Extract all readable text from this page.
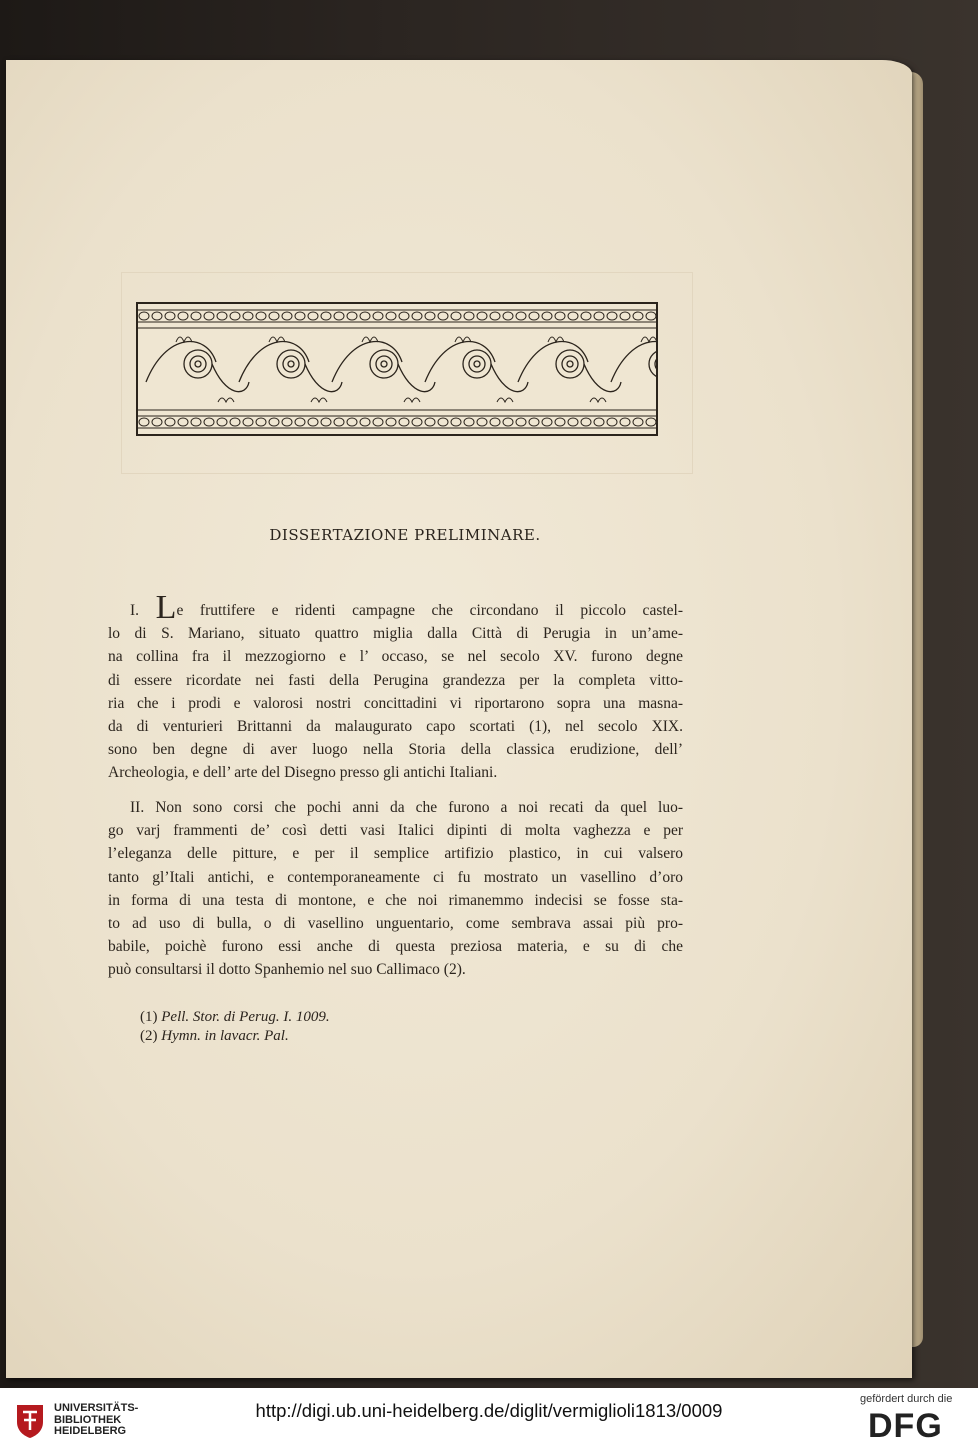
DISSERTAZIONE PRELIMINARE.
I. Le fruttifere e ridenti campagne che circondano il piccolo castel-
lo di S. Mariano, situato quattro miglia dalla Città di Perugia in un’ame-
na collina fra il mezzogiorno e l’ occaso, se nel secolo XV. furono degne
di essere ricordate nei fasti della Perugina grandezza per la completa vitto-
ria che i prodi e valorosi nostri concittadini vi riportarono sopra una masna-
da di venturieri Brittanni da malaugurato capo scortati (1), nel secolo XIX.
sono ben degne di aver luogo nella Storia della classica erudizione, dell’
Archeologia, e dell’ arte del Disegno presso gli antichi Italiani.
II. Non sono corsi che pochi anni da che furono a noi recati da quel luo-
go varj frammenti de’ così detti vasi Italici dipinti di molta vaghezza e per
l’eleganza delle pitture, e per il semplice artifizio plastico, in cui valsero
tanto gl’Itali antichi, e contemporaneamente ci fu mostrato un vasellino d’oro
in forma di una testa di montone, e che noi rimanemmo indecisi se fosse sta-
to ad uso di bulla, o di vasellino unguentario, come sembrava assai più pro-
babile, poichè furono essi anche di questa preziosa materia, e su di che
può consultarsi il dotto Spanhemio nel suo Callimaco (2).
(1) Pell. Stor. di Perug. I. 1009.
(2) Hymn. in lavacr. Pal.
UNIVERSITÄTS-
BIBLIOTHEK
HEIDELBERG
http://digi.ub.uni-heidelberg.de/diglit/vermiglioli1813/0009
gefördert durch die
DFG
